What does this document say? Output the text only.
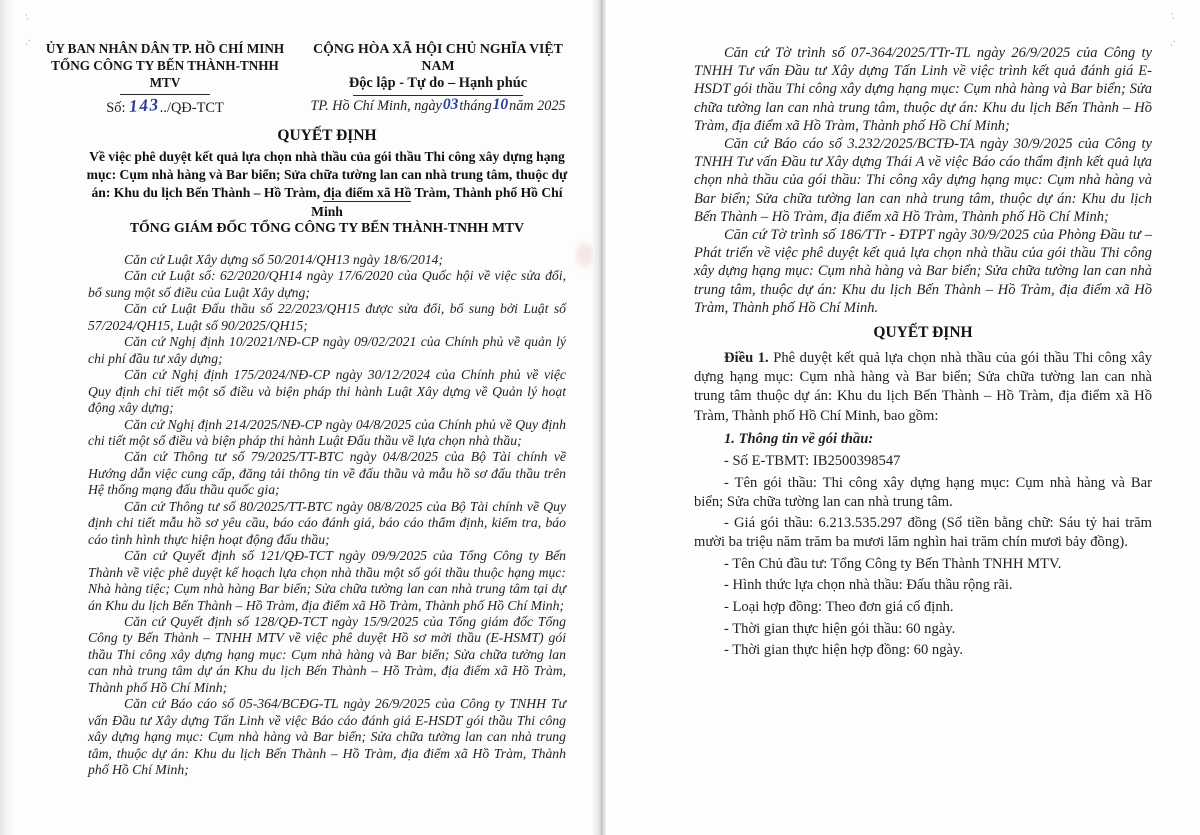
ỦY BAN NHÂN DÂN TP. HỒ CHÍ MINH
TỔNG CÔNG TY BẾN THÀNH-TNHH MTV
CỘNG HÒA XÃ HỘI CHỦ NGHĨA VIỆT NAM
Độc lập - Tự do – Hạnh phúc
Số: 143../QĐ-TCT	TP. Hồ Chí Minh, ngày03tháng10năm 2025
QUYẾT ĐỊNH
Về việc phê duyệt kết quả lựa chọn nhà thầu của gói thầu Thi công xây dựng hạng mục: Cụm nhà hàng và Bar biển; Sửa chữa tường lan can nhà trung tâm, thuộc dự án: Khu du lịch Bến Thành – Hồ Tràm, địa điểm xã Hồ Tràm, Thành phố Hồ Chí Minh
TỔNG GIÁM ĐỐC TỔNG CÔNG TY BẾN THÀNH-TNHH MTV

Căn cứ Luật Xây dựng số 50/2014/QH13 ngày 18/6/2014;

Căn cứ Luật số: 62/2020/QH14 ngày 17/6/2020 của Quốc hội về việc sửa đổi, bổ sung một số điều của Luật Xây dựng;

Căn cứ Luật Đấu thầu số 22/2023/QH15 được sửa đổi, bổ sung bởi Luật số 57/2024/QH15, Luật số 90/2025/QH15;

Căn cứ Nghị định 10/2021/NĐ-CP ngày 09/02/2021 của Chính phủ về quản lý chi phí đầu tư xây dựng;

Căn cứ Nghị định 175/2024/NĐ-CP ngày 30/12/2024 của Chính phủ về việc Quy định chi tiết một số điều và biện pháp thi hành Luật Xây dựng về Quản lý hoạt động xây dựng;

Căn cứ Nghị định 214/2025/NĐ-CP ngày 04/8/2025 của Chính phủ về Quy định chi tiết một số điều và biện pháp thi hành Luật Đấu thầu về lựa chọn nhà thầu;

Căn cứ Thông tư số 79/2025/TT-BTC ngày 04/8/2025 của Bộ Tài chính về Hướng dẫn việc cung cấp, đăng tải thông tin về đấu thầu và mẫu hồ sơ đấu thầu trên Hệ thống mạng đấu thầu quốc gia;

Căn cứ Thông tư số 80/2025/TT-BTC ngày 08/8/2025 của Bộ Tài chính về Quy định chi tiết mẫu hồ sơ yêu cầu, báo cáo đánh giá, báo cáo thẩm định, kiểm tra, báo cáo tình hình thực hiện hoạt động đấu thầu;

Căn cứ Quyết định số 121/QĐ-TCT ngày 09/9/2025 của Tổng Công ty Bến Thành về việc phê duyệt kế hoạch lựa chọn nhà thầu một số gói thầu thuộc hạng mục: Nhà hàng tiệc; Cụm nhà hàng Bar biển; Sửa chữa tường lan can nhà trung tâm tại dự án Khu du lịch Bến Thành – Hồ Tràm, địa điểm xã Hồ Tràm, Thành phố Hồ Chí Minh;

Căn cứ Quyết định số 128/QĐ-TCT ngày 15/9/2025 của Tổng giám đốc Tổng Công ty Bến Thành – TNHH MTV về việc phê duyệt Hồ sơ mời thầu (E-HSMT) gói thầu Thi công xây dựng hạng mục: Cụm nhà hàng và Bar biển; Sửa chữa tường lan can nhà trung tâm dự án Khu du lịch Bến Thành – Hồ Tràm, địa điểm xã Hồ Tràm, Thành phố Hồ Chí Minh;

Căn cứ Báo cáo số 05-364/BCĐG-TL ngày 26/9/2025 của Công ty TNHH Tư vấn Đầu tư Xây dựng Tấn Linh về việc Báo cáo đánh giá E-HSDT gói thầu Thi công xây dựng hạng mục: Cụm nhà hàng và Bar biển; Sửa chữa tường lan can nhà trung tâm, thuộc dự án: Khu du lịch Bến Thành – Hồ Tràm, địa điểm xã Hồ Tràm, Thành phố Hồ Chí Minh;

Căn cứ Tờ trình số 07-364/2025/TTr-TL ngày 26/9/2025 của Công ty TNHH Tư vấn Đầu tư Xây dựng Tấn Linh về việc trình kết quả đánh giá E-HSDT gói thầu Thi công xây dựng hạng mục: Cụm nhà hàng và Bar biển; Sửa chữa tường lan can nhà trung tâm, thuộc dự án: Khu du lịch Bến Thành – Hồ Tràm, địa điểm xã Hồ Tràm, Thành phố Hồ Chí Minh;

Căn cứ Báo cáo số 3.232/2025/BCTĐ-TA ngày 30/9/2025 của Công ty TNHH Tư vấn Đầu tư Xây dựng Thái A về việc Báo cáo thẩm định kết quả lựa chọn nhà thầu của gói thầu: Thi công xây dựng hạng mục: Cụm nhà hàng và Bar biển; Sửa chữa tường lan can nhà trung tâm, thuộc dự án: Khu du lịch Bến Thành – Hồ Tràm, địa điểm xã Hồ Tràm, Thành phố Hồ Chí Minh;

Căn cứ Tờ trình số 186/TTr - ĐTPT ngày 30/9/2025 của Phòng Đầu tư – Phát triển về việc phê duyệt kết quả lựa chọn nhà thầu của gói thầu Thi công xây dựng hạng mục: Cụm nhà hàng và Bar biển; Sửa chữa tường lan can nhà trung tâm, thuộc dự án: Khu du lịch Bến Thành – Hồ Tràm, địa điểm xã Hồ Tràm, Thành phố Hồ Chí Minh.

QUYẾT ĐỊNH

Điều 1. Phê duyệt kết quả lựa chọn nhà thầu của gói thầu Thi công xây dựng hạng mục: Cụm nhà hàng và Bar biển; Sửa chữa tường lan can nhà trung tâm thuộc dự án: Khu du lịch Bến Thành – Hồ Tràm, địa điểm xã Hồ Tràm, Thành phố Hồ Chí Minh, bao gồm:

1. Thông tin về gói thầu:

- Số E-TBMT: IB2500398547

- Tên gói thầu: Thi công xây dựng hạng mục: Cụm nhà hàng và Bar biển; Sửa chữa tường lan can nhà trung tâm.

- Giá gói thầu: 6.213.535.297 đồng (Số tiền bằng chữ: Sáu tỷ hai trăm mười ba triệu năm trăm ba mươi lăm nghìn hai trăm chín mươi bảy đồng).

- Tên Chủ đầu tư: Tổng Công ty Bến Thành TNHH MTV.

- Hình thức lựa chọn nhà thầu: Đấu thầu rộng rãi.

- Loại hợp đồng: Theo đơn giá cố định.

- Thời gian thực hiện gói thầu: 60 ngày.

- Thời gian thực hiện hợp đồng: 60 ngày.

·.
·.
·.
·.
